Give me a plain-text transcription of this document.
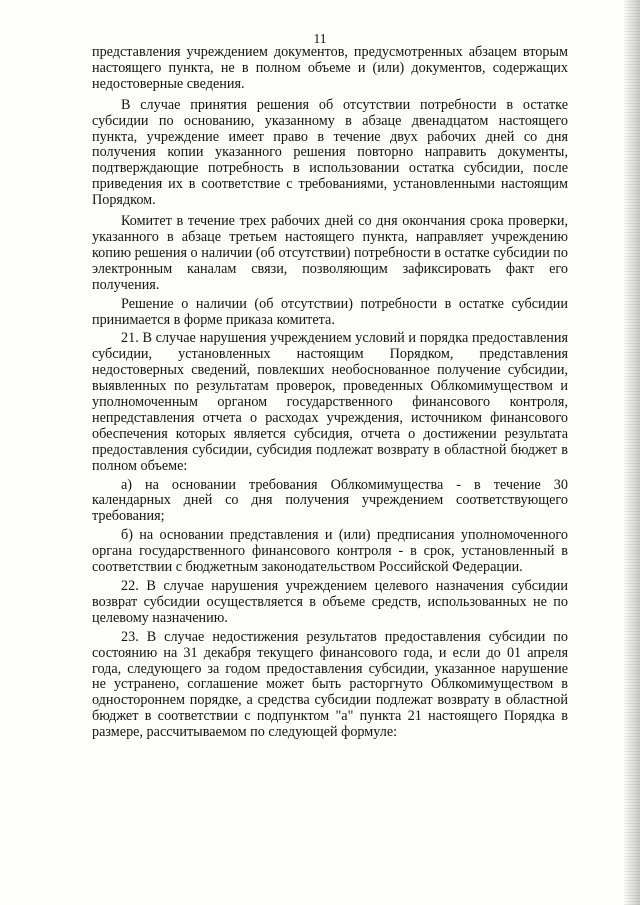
11

представления учреждением документов, предусмотренных абзацем вторым настоящего пункта, не в полном объеме и (или) документов, содержащих недостоверные сведения.

В случае принятия решения об отсутствии потребности в остатке субсидии по основанию, указанному в абзаце двенадцатом настоящего пункта, учреждение имеет право в течение двух рабочих дней со дня получения копии указанного решения повторно направить документы, подтверждающие потребность в использовании остатка субсидии, после приведения их в соответствие с требованиями, установленными настоящим Порядком.

Комитет в течение трех рабочих дней со дня окончания срока проверки, указанного в абзаце третьем настоящего пункта, направляет учреждению копию решения о наличии (об отсутствии) потребности в остатке субсидии по электронным каналам связи, позволяющим зафиксировать факт его получения.

Решение о наличии (об отсутствии) потребности в остатке субсидии принимается в форме приказа комитета.

21. В случае нарушения учреждением условий и порядка предоставления субсидии, установленных настоящим Порядком, представления недостоверных сведений, повлекших необоснованное получение субсидии, выявленных по результатам проверок, проведенных Облкомимуществом и уполномоченным органом государственного финансового контроля, непредставления отчета о расходах учреждения, источником финансового обеспечения которых является субсидия, отчета о достижении результата предоставления субсидии, субсидия подлежат возврату в областной бюджет в полном объеме:

а) на основании требования Облкомимущества - в течение 30 календарных дней со дня получения учреждением соответствующего требования;

б) на основании представления и (или) предписания уполномоченного органа государственного финансового контроля - в срок, установленный в соответствии с бюджетным законодательством Российской Федерации.

22. В случае нарушения учреждением целевого назначения субсидии возврат субсидии осуществляется в объеме средств, использованных не по целевому назначению.

23. В случае недостижения результатов предоставления субсидии по состоянию на 31 декабря текущего финансового года, и если до 01 апреля года, следующего за годом предоставления субсидии, указанное нарушение не устранено, соглашение может быть расторгнуто Облкомимуществом в одностороннем порядке, а средства субсидии подлежат возврату в областной бюджет в соответствии с подпунктом "а" пункта 21 настоящего Порядка в размере, рассчитываемом по следующей формуле:
